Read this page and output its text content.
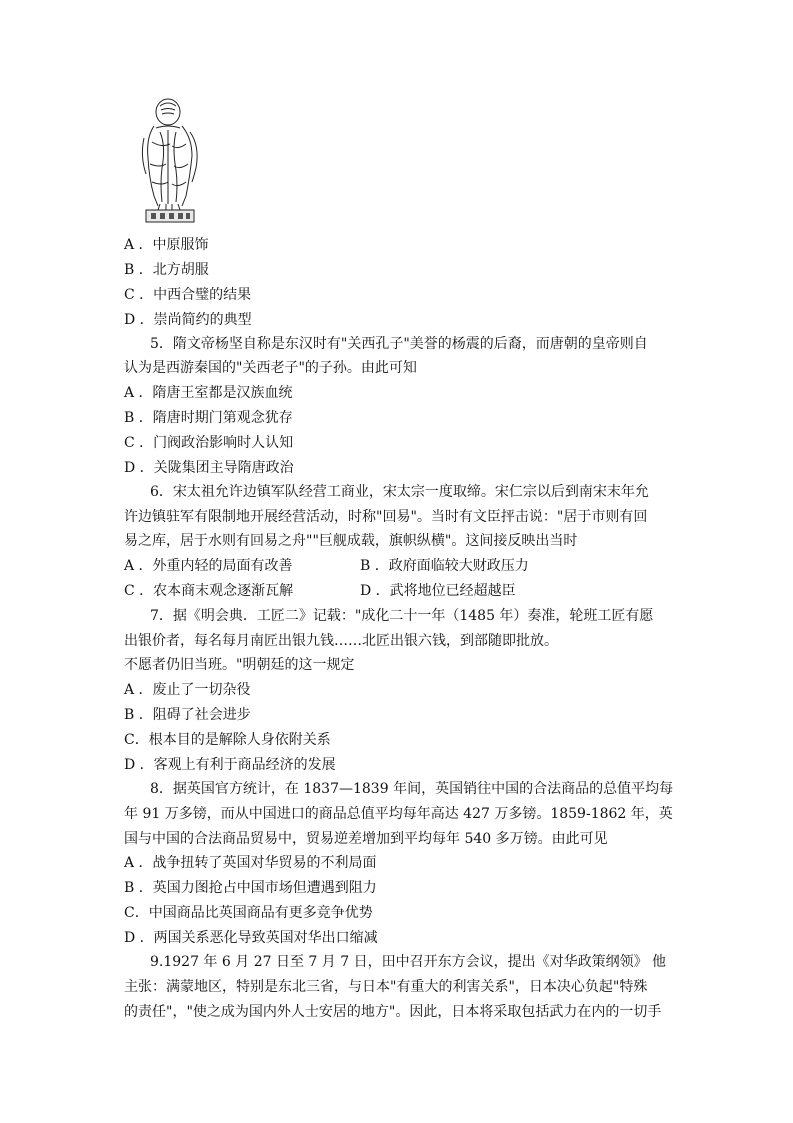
A ．中原服饰
B ．北方胡服
C ．中西合璧的结果
D ．崇尚简约的典型
5．隋文帝杨坚自称是东汉时有"关西孔子"美誉的杨震的后裔，而唐朝的皇帝则自
认为是西游秦国的"关西老子"的子孙。由此可知
A ．隋唐王室都是汉族血统
B ．隋唐时期门第观念犹存
C ．门阀政治影响时人认知
D ．关陇集团主导隋唐政治
6．宋太祖允许边镇军队经营工商业，宋太宗一度取缔。宋仁宗以后到南宋末年允
许边镇驻军有限制地开展经营活动，时称"回易"。当时有文臣抨击说："居于市则有回
易之库，居于水则有回易之舟""巨舰成载，旗帜纵横"。这间接反映出当时
A ．外重内轻的局面有改善	B ．政府面临较大财政压力
C ．农本商末观念逐渐瓦解	D ．武将地位已经超越臣
7．据《明会典．工匠二》记载："成化二十一年（1485 年）奏准，轮班工匠有愿
出银价者，每名每月南匠出银九钱……北匠出银六钱，到部随即批放。
不愿者仍旧当班。"明朝廷的这一规定
A ．废止了一切杂役
B ．阻碍了社会进步
C．根本目的是解除人身依附关系
D ．客观上有利于商品经济的发展
8．据英国官方统计，在 1837—1839 年间，英国销往中国的合法商品的总值平均每
年 91 万多镑，而从中国进口的商品总值平均每年高达 427 万多镑。1859-1862 年，英
国与中国的合法商品贸易中，贸易逆差增加到平均每年 540 多万镑。由此可见
A ．战争扭转了英国对华贸易的不利局面
B ．英国力图抢占中国市场但遭遇到阻力
C．中国商品比英国商品有更多竞争优势
D ．两国关系恶化导致英国对华出口缩减
9.1927 年 6 月 27 日至 7 月 7 日，田中召开东方会议，提出《对华政策纲领》 他
主张：满蒙地区，特别是东北三省，与日本"有重大的利害关系"，日本决心负起"特殊
的责任"，"使之成为国内外人士安居的地方"。因此，日本将采取包括武力在内的一切手
